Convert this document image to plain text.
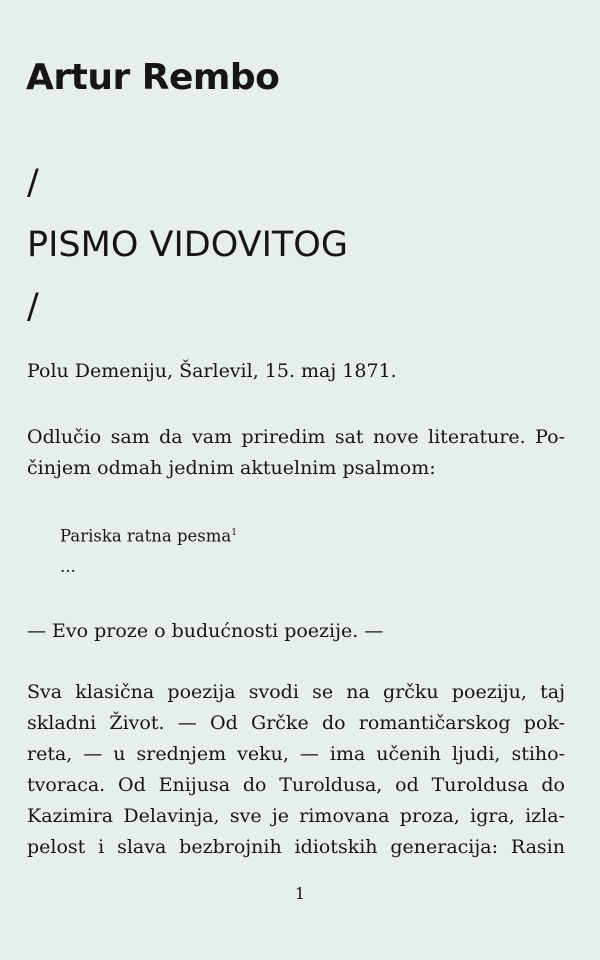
Artur Rembo
/
PISMO VIDOVITOG
/

Polu Demeniju, Šarlevil, 15. maj 1871.

Odlučio sam da vam priredim sat nove literature. Po-
činjem odmah jednim aktuelnim psalmom:
Pariska ratna pesma$^1$
...

— Evo proze o budućnosti poezije. —

Sva klasična poezija svodi se na grčku poeziju, taj
skladni Život. — Od Grčke do romantičarskog pok-
reta, — u srednjem veku, — ima učenih ljudi, stiho-
tvoraca. Od Enijusa do Turoldusa, od Turoldusa do
Kazimira Delavinja, sve je rimovana proza, igra, izla-
pelost i slava bezbrojnih idiotskih generacija: Rasin
1
